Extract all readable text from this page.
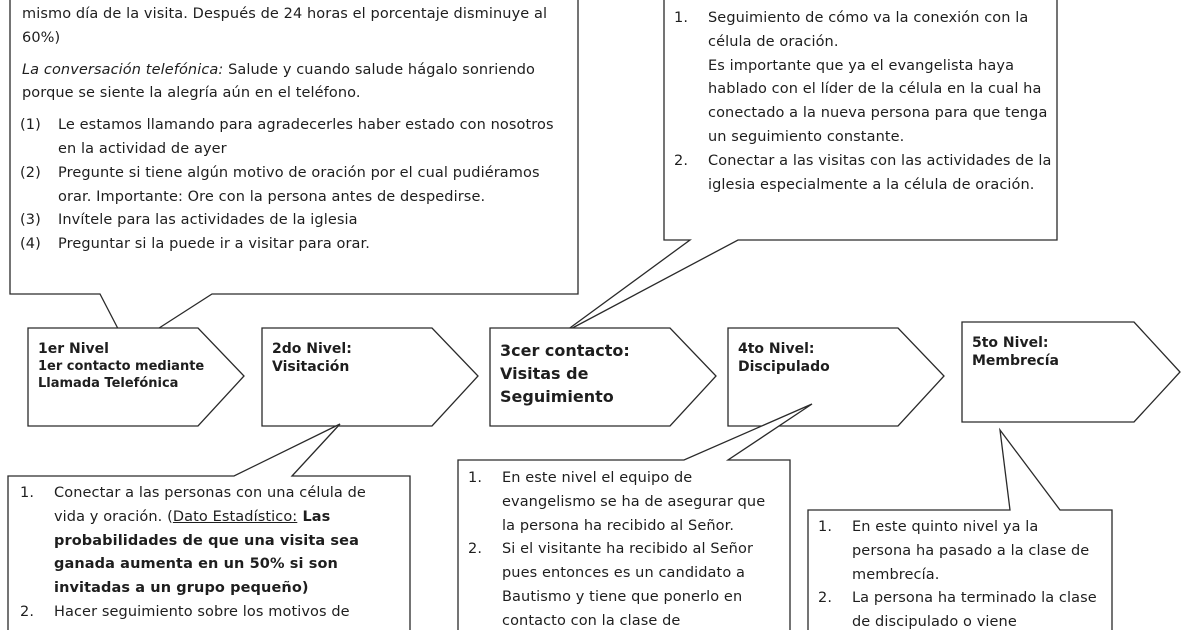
mismo día de la visita. Después de 24 horas el porcentaje disminuye al 60%)

La conversación telefónica: Salude y cuando salude hágalo sonriendo porque se siente la alegría aún en el teléfono.

(1) Le estamos llamando para agradecerles haber estado con nosotros en la actividad de ayer
(2) Pregunte si tiene algún motivo de oración por el cual pudiéramos orar. Importante: Ore con la persona antes de despedirse.
(3) Invítele para las actividades de la iglesia
(4) Preguntar si la puede ir a visitar para orar.
1. Seguimiento de cómo va la conexión con la célula de oración.
Es importante que ya el evangelista haya hablado con el líder de la célula en la cual ha conectado a la nueva persona para que tenga un seguimiento constante.
2. Conectar a las visitas con las actividades de la iglesia especialmente a la célula de oración.
1er Nivel
1er contacto mediante Llamada Telefónica
2do Nivel: Visitación
3cer contacto: Visitas de Seguimiento
4to Nivel: Discipulado
5to Nivel: Membrecía
1. Conectar a las personas con una célula de vida y oración. (Dato Estadístico: Las probabilidades de que una visita sea ganada aumenta en un 50% si son invitadas a un grupo pequeño)
2. Hacer seguimiento sobre los motivos de
1. En este nivel el equipo de evangelismo se ha de asegurar que la persona ha recibido al Señor.
2. Si el visitante ha recibido al Señor pues entonces es un candidato a Bautismo y tiene que ponerlo en contacto con la clase de
1. En este quinto nivel ya la persona ha pasado a la clase de membrecía.
2. La persona ha terminado la clase de discipulado o viene
